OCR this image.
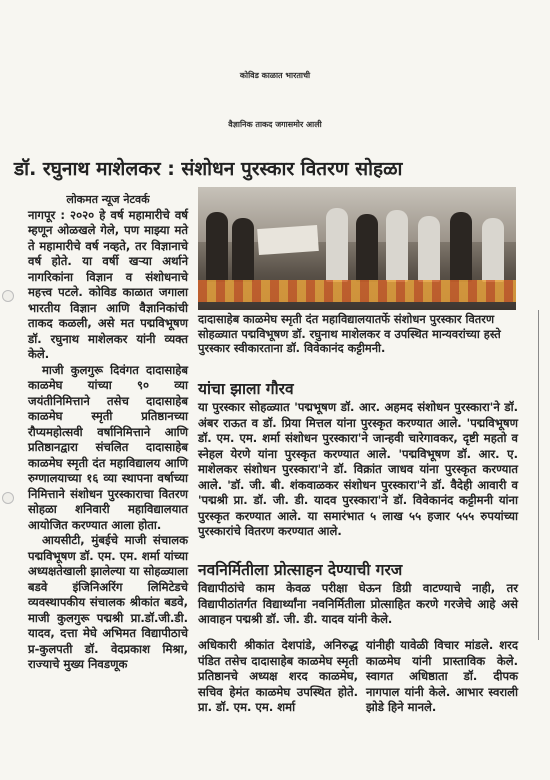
कोविड काळात भारताची
वैज्ञानिक ताकद जगासमोर आली
डॉ. रघुनाथ माशेलकर : संशोधन पुरस्कार वितरण सोहळा
लोकमत न्यूज नेटवर्क

नागपूर : २०२० हे वर्ष महामारीचे वर्ष म्हणून ओळखले गेले, पण माझ्या मते ते महामारीचे वर्ष नव्हते, तर विज्ञानाचे वर्ष होते. या वर्षी खऱ्या अर्थाने नागरिकांना विज्ञान व संशोधनाचे महत्त्व पटले. कोविड काळात जगाला भारतीय विज्ञान आणि वैज्ञानिकांची ताकद कळली, असे मत पद्मविभूषण डॉ. रघुनाथ माशेलकर यांनी व्यक्त केले.

माजी कुलगुरू दिवंगत दादासाहेब काळमेघ यांच्या ९० व्या जयंतीनिमित्ताने तसेच दादासाहेब काळमेघ स्मृती प्रतिष्ठानच्या रौप्यमहोत्सवी वर्षानिमित्ताने आणि प्रतिष्ठानद्वारा संचलित दादासाहेब काळमेघ स्मृती दंत महाविद्यालय आणि रुग्णालयाच्या १६ व्या स्थापना वर्षाच्या निमित्ताने संशोधन पुरस्काराचा वितरण सोहळा शनिवारी महाविद्यालयात आयोजित करण्यात आला होता.

आयसीटी, मुंबईचे माजी संचालक पद्मविभूषण डॉ. एम. एम. शर्मा यांच्या अध्यक्षतेखाली झालेल्या या सोहळ्याला बडवे इंजिनिअरिंग लिमिटेडचे व्यवस्थापकीय संचालक श्रीकांत बडवे, माजी कुलगुरू पद्मश्री प्रा.डॉ.जी.डी. यादव, दत्ता मेघे अभिमत विद्यापीठाचे प्र-कुलपती डॉ. वेदप्रकाश मिश्रा, राज्याचे मुख्य निवडणूक

दादासाहेब काळमेघ स्मृती दंत महाविद्यालयातर्फे संशोधन पुरस्कार वितरण सोहळ्यात पद्मविभूषण डॉ. रघुनाथ माशेलकर व उपस्थित मान्यवरांच्या हस्ते पुरस्कार स्वीकारताना डॉ. विवेकानंद कट्टीमनी.
यांचा झाला गौरव
या पुरस्कार सोहळ्यात 'पद्मभूषण डॉ. आर. अहमद संशोधन पुरस्कारा'ने डॉ. अंबर राऊत व डॉ. प्रिया मित्तल यांना पुरस्कृत करण्यात आले. 'पद्मविभूषण डॉ. एम. एम. शर्मा संशोधन पुरस्कारा'ने जान्हवी चारेगावकर, दृष्टी महतो व स्नेहल येरणे यांना पुरस्कृत करण्यात आले. 'पद्मविभूषण डॉ. आर. ए. माशेलकर संशोधन पुरस्कारा'ने डॉ. विक्रांत जाधव यांना पुरस्कृत करण्यात आले. 'डॉ. जी. बी. शंकवाळकर संशोधन पुरस्कारा'ने डॉ. वैदेही आवारी व 'पद्मश्री प्रा. डॉ. जी. डी. यादव पुरस्कारा'ने डॉ. विवेकानंद कट्टीमनी यांना पुरस्कृत करण्यात आले. या समारंभात ५ लाख ५५ हजार ५५५ रुपयांच्या पुरस्कारांचे वितरण करण्यात आले.
नवनिर्मितीला प्रोत्साहन देण्याची गरज
विद्यापीठांचे काम केवळ परीक्षा घेऊन डिग्री वाटण्याचे नाही, तर विद्यापीठांतर्गत विद्यार्थ्यांना नवनिर्मितीला प्रोत्साहित करणे गरजेचे आहे असे आवाहन पद्मश्री डॉ. जी. डी. यादव यांनी केले.
अधिकारी श्रीकांत देशपांडे, अनिरुद्ध पंडित तसेच दादासाहेब काळमेघ स्मृती प्रतिष्ठानचे अध्यक्ष शरद काळमेघ, सचिव हेमंत काळमेघ उपस्थित होते. प्रा. डॉ. एम. एम. शर्मा
यांनीही यावेळी विचार मांडले. शरद काळमेघ यांनी प्रास्ताविक केले. स्वागत अधिष्ठाता डॉ. दीपक नागपाल यांनी केले. आभार स्वराली झोडे हिने मानले.
